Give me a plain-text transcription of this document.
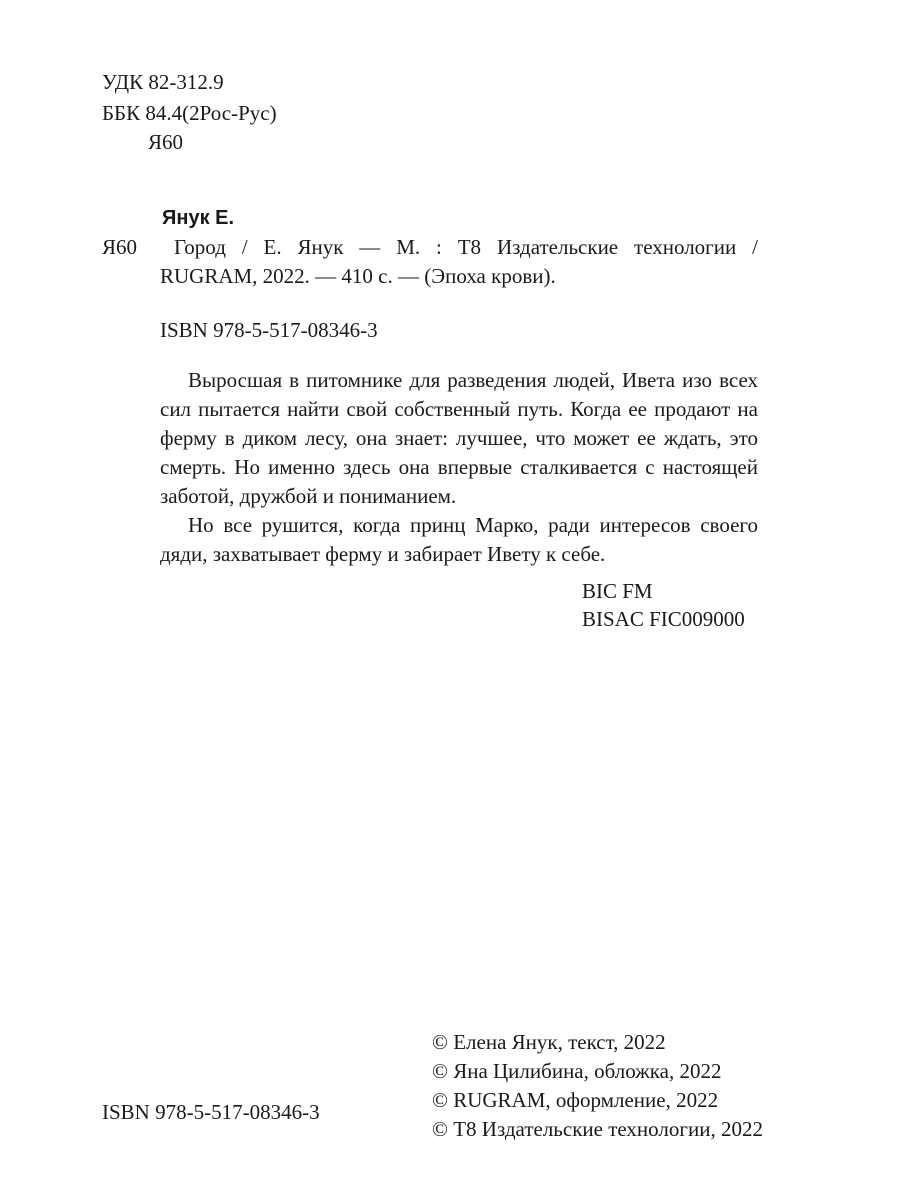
УДК 82-312.9
ББК 84.4(2Рос-Рус)
Я60
Янук Е.
Я60	Город / Е. Янук — М. : Т8 Издательские технологии /
RUGRAM, 2022. — 410 с. — (Эпоха крови).
ISBN 978-5-517-08346-3

Выросшая в питомнике для разведения людей, Ивета изо всех сил пытается найти свой собственный путь. Когда ее продают на ферму в диком лесу, она знает: лучшее, что может ее ждать, это смерть. Но именно здесь она впервые сталкивается с настоящей заботой, дружбой и пониманием.

Но все рушится, когда принц Марко, ради интересов своего дяди, захватывает ферму и забирает Ивету к себе.

BIC FM
BISAC FIC009000
ISBN 978-5-517-08346-3
© Елена Янук, текст, 2022
© Яна Цилибина, обложка, 2022
© RUGRAM, оформление, 2022
© Т8 Издательские технологии, 2022
